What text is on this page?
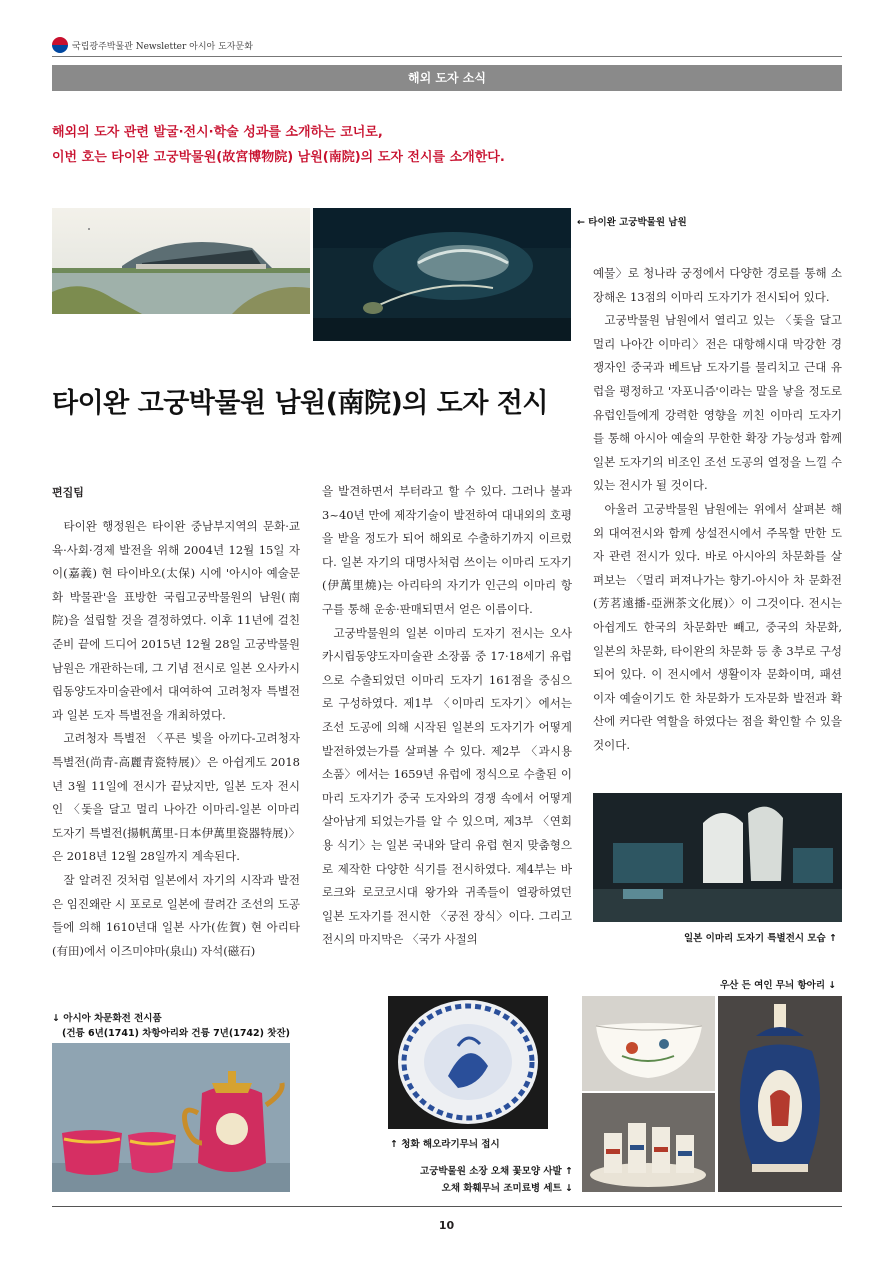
국립광주박물관 Newsletter 아시아 도자문화
해외 도자 소식
해외의 도자 관련 발굴·전시·학술 성과를 소개하는 코너로,
이번 호는 타이완 고궁박물원(故宮博物院) 남원(南院)의 도자 전시를 소개한다.
← 타이완 고궁박물원 남원
타이완 고궁박물원 남원(南院)의 도자 전시
편집팀

타이완 행정원은 타이완 중남부지역의 문화·교육·사회·경제 발전을 위해 2004년 12월 15일 자이(嘉義) 현 타이바오(太保) 시에 '아시아 예술문화 박물관'을 표방한 국립고궁박물원의 남원(南院)을 설립할 것을 결정하였다. 이후 11년에 걸친 준비 끝에 드디어 2015년 12월 28일 고궁박물원 남원은 개관하는데, 그 기념 전시로 일본 오사카시립동양도자미술관에서 대여하여 고려청자 특별전과 일본 도자 특별전을 개최하였다.

고려청자 특별전 〈푸른 빛을 아끼다-고려청자 특별전(尚青-高麗青瓷特展)〉은 아쉽게도 2018년 3월 11일에 전시가 끝났지만, 일본 도자 전시인 〈돛을 달고 멀리 나아간 이마리-일본 이마리 도자기 특별전(揚帆萬里-日本伊萬里瓷器特展)〉은 2018년 12월 28일까지 계속된다.

잘 알려진 것처럼 일본에서 자기의 시작과 발전은 임진왜란 시 포로로 일본에 끌려간 조선의 도공들에 의해 1610년대 일본 사가(佐賀) 현 아리타(有田)에서 이즈미야마(泉山) 자석(磁石)

을 발견하면서 부터라고 할 수 있다. 그러나 불과 3~40년 만에 제작기술이 발전하여 대내외의 호평을 받을 정도가 되어 해외로 수출하기까지 이르렀다. 일본 자기의 대명사처럼 쓰이는 이마리 도자기(伊萬里燒)는 아리타의 자기가 인근의 이마리 항구를 통해 운송·판매되면서 얻은 이름이다.

고궁박물원의 일본 이마리 도자기 전시는 오사카시립동양도자미술관 소장품 중 17·18세기 유럽으로 수출되었던 이마리 도자기 161점을 중심으로 구성하였다. 제1부 〈이마리 도자기〉에서는 조선 도공에 의해 시작된 일본의 도자기가 어떻게 발전하였는가를 살펴볼 수 있다. 제2부 〈과시용 소품〉에서는 1659년 유럽에 정식으로 수출된 이마리 도자기가 중국 도자와의 경쟁 속에서 어떻게 살아남게 되었는가를 알 수 있으며, 제3부 〈연회용 식기〉는 일본 국내와 달리 유럽 현지 맞춤형으로 제작한 다양한 식기를 전시하였다. 제4부는 바로크와 로코코시대 왕가와 귀족들이 열광하였던 일본 도자기를 전시한 〈궁전 장식〉이다. 그리고 전시의 마지막은 〈국가 사절의

예물〉로 청나라 궁정에서 다양한 경로를 통해 소장해온 13점의 이마리 도자기가 전시되어 있다.

고궁박물원 남원에서 열리고 있는 〈돛을 달고 멀리 나아간 이마리〉전은 대항해시대 막강한 경쟁자인 중국과 베트남 도자기를 물리치고 근대 유럽을 평정하고 '자포니즘'이라는 말을 낳을 정도로 유럽인들에게 강력한 영향을 끼친 이마리 도자기를 통해 아시아 예술의 무한한 확장 가능성과 함께 일본 도자기의 비조인 조선 도공의 열정을 느낄 수 있는 전시가 될 것이다.

아울러 고궁박물원 남원에는 위에서 살펴본 해외 대여전시와 함께 상설전시에서 주목할 만한 도자 관련 전시가 있다. 바로 아시아의 차문화를 살펴보는 〈멀리 퍼져나가는 향기-아시아 차 문화전(芳茗遠播-亞洲茶文化展)〉이 그것이다. 전시는 아쉽게도 한국의 차문화만 빼고, 중국의 차문화, 일본의 차문화, 타이완의 차문화 등 총 3부로 구성되어 있다. 이 전시에서 생활이자 문화이며, 패션이자 예술이기도 한 차문화가 도자문화 발전과 확산에 커다란 역할을 하였다는 점을 확인할 수 있을 것이다.

일본 이마리 도자기 특별전시 모습 ↑
우산 든 여인 무늬 항아리 ↓
↑ 청화 해오라기무늬 접시
고궁박물원 소장 오채 꽃모양 사발 ↑
오채 화훼무늬 조미료병 세트 ↓
↓ 아시아 차문화전 전시품
(건륭 6년(1741) 차항아리와 건륭 7년(1742) 찻잔)
10
